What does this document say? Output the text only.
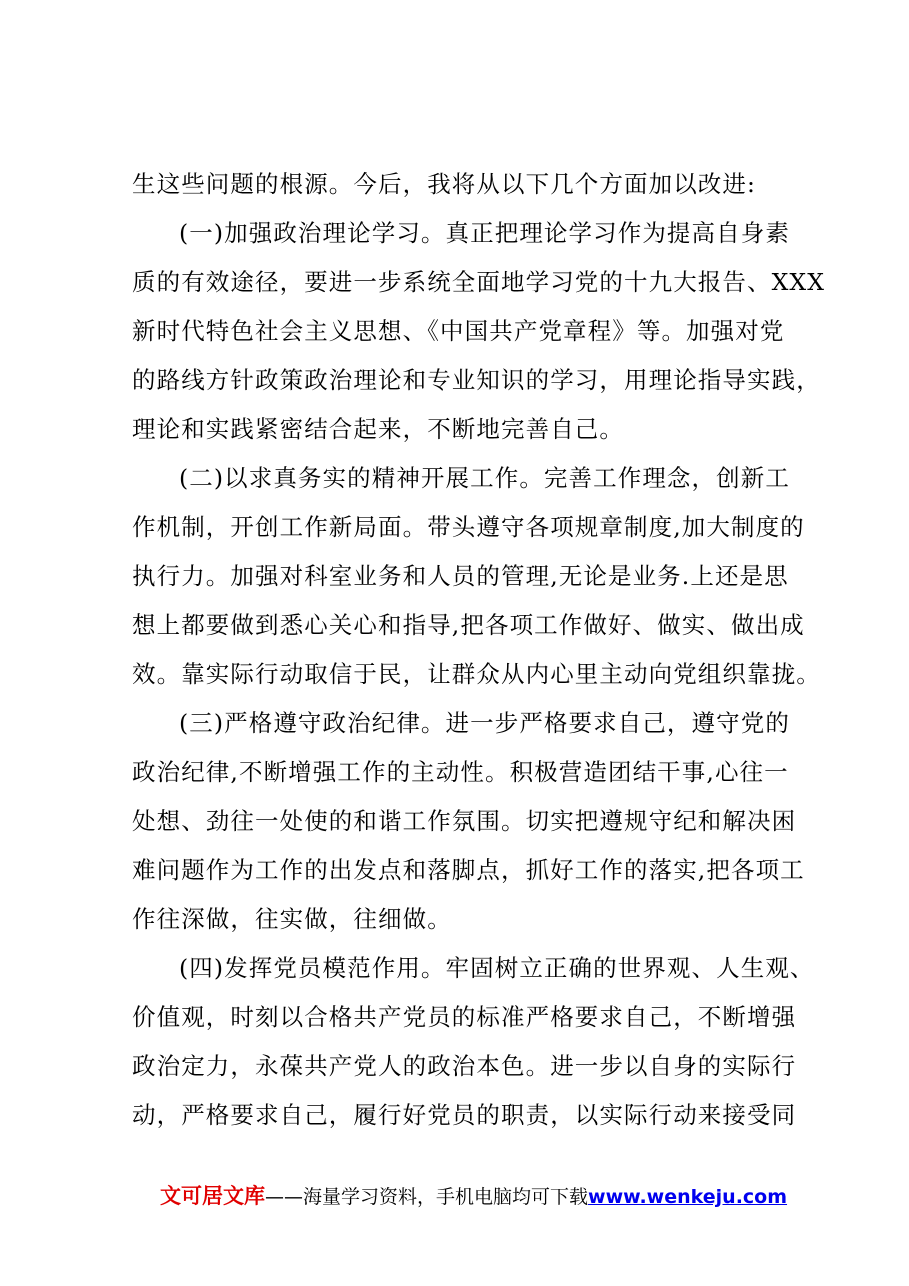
生这些问题的根源。今后，我将从以下几个方面加以改进:
(一)加强政治理论学习。真正把理论学习作为提高自身素
质的有效途径，要进一步系统全面地学习党的十九大报告、XXX
新时代特色社会主义思想、《中国共产党章程》等。加强对党
的路线方针政策政治理论和专业知识的学习，用理论指导实践，
理论和实践紧密结合起来，不断地完善自己。
(二)以求真务实的精神开展工作。完善工作理念，创新工
作机制，开创工作新局面。带头遵守各项规章制度,加大制度的
执行力。加强对科室业务和人员的管理,无论是业务.上还是思
想上都要做到悉心关心和指导,把各项工作做好、做实、做出成
效。靠实际行动取信于民，让群众从内心里主动向党组织靠拢。
(三)严格遵守政治纪律。进一步严格要求自己，遵守党的
政治纪律,不断增强工作的主动性。积极营造团结干事,心往一
处想、劲往一处使的和谐工作氛围。切实把遵规守纪和解决困
难问题作为工作的出发点和落脚点，抓好工作的落实,把各项工
作往深做，往实做，往细做。
(四)发挥党员模范作用。牢固树立正确的世界观、人生观、
价值观，时刻以合格共产党员的标准严格要求自己，不断增强
政治定力，永葆共产党人的政治本色。进一步以自身的实际行
动，严格要求自己，履行好党员的职责，以实际行动来接受同
文可居文库——海量学习资料，手机电脑均可下载www.wenkeju.com
